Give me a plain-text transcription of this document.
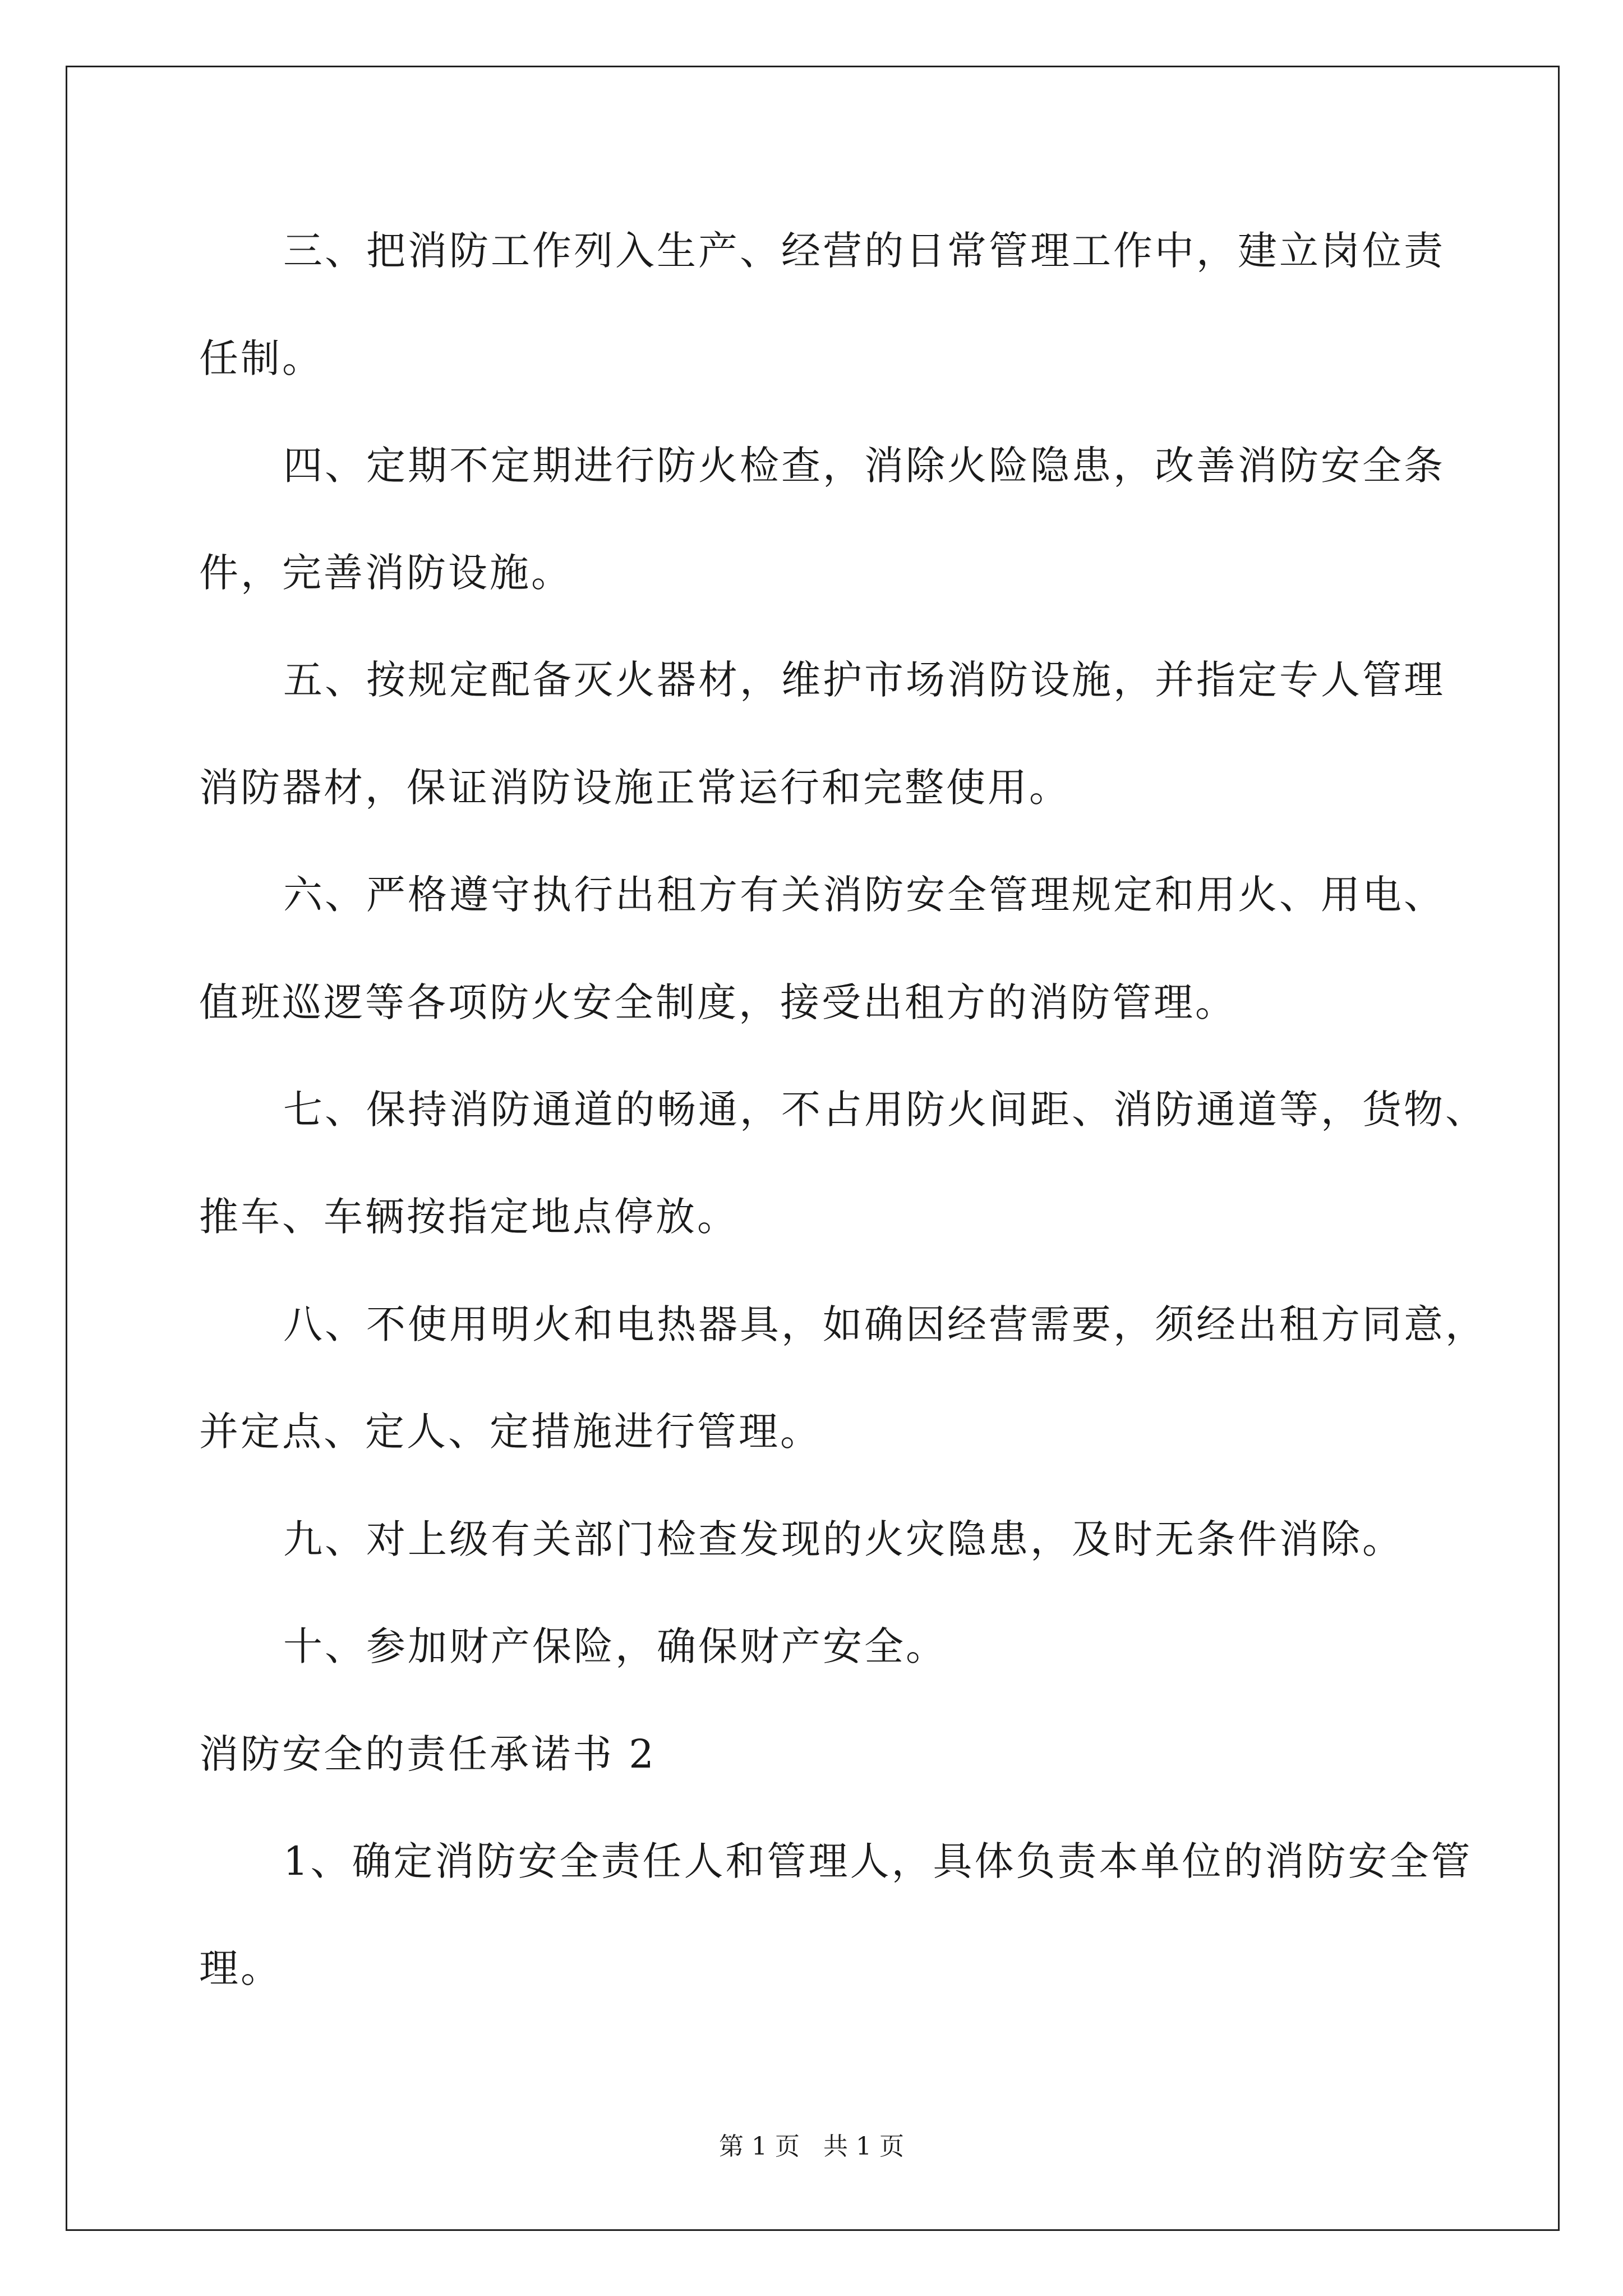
三、把消防工作列入生产、经营的日常管理工作中，建立岗位责
任制。
四、定期不定期进行防火检查，消除火险隐患，改善消防安全条
件，完善消防设施。
五、按规定配备灭火器材，维护市场消防设施，并指定专人管理
消防器材，保证消防设施正常运行和完整使用。
六、严格遵守执行出租方有关消防安全管理规定和用火、用电、
值班巡逻等各项防火安全制度，接受出租方的消防管理。
七、保持消防通道的畅通，不占用防火间距、消防通道等，货物、
推车、车辆按指定地点停放。
八、不使用明火和电热器具，如确因经营需要，须经出租方同意，
并定点、定人、定措施进行管理。
九、对上级有关部门检查发现的火灾隐患，及时无条件消除。
十、参加财产保险，确保财产安全。
消防安全的责任承诺书 2
1、确定消防安全责任人和管理人，具体负责本单位的消防安全管
理。
第 1 页 共 1 页
